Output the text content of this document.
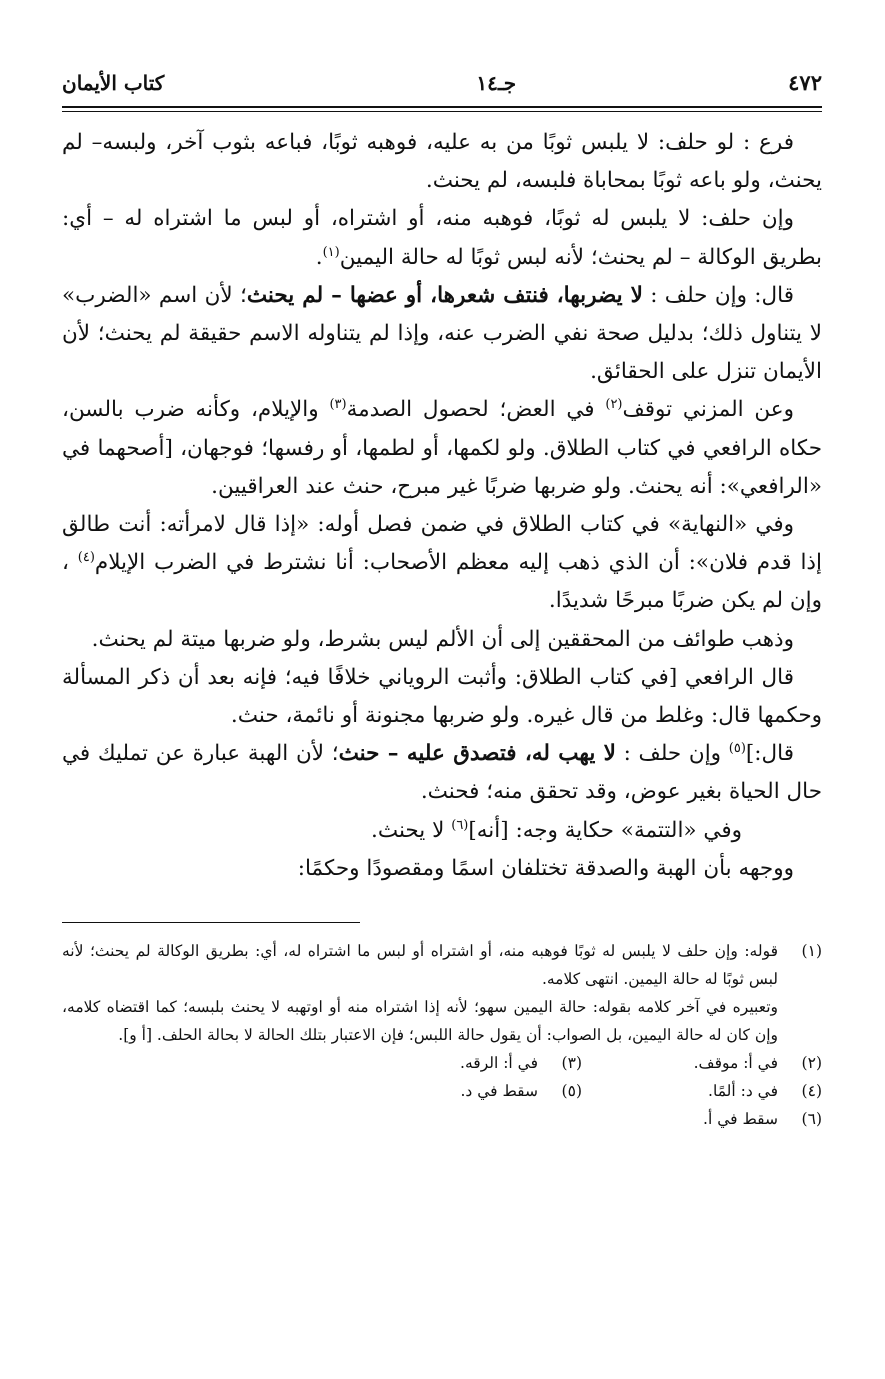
٤٧٢
جـ١٤
كتاب الأيمان

فرع : لو حلف: لا يلبس ثوبًا من به عليه، فوهبه ثوبًا، فباعه بثوب آخر، ولبسه– لم يحنث، ولو باعه ثوبًا بمحاباة فلبسه، لم يحنث.

وإن حلف: لا يلبس له ثوبًا، فوهبه منه، أو اشتراه، أو لبس ما اشتراه له – أي: بطريق الوكالة – لم يحنث؛ لأنه لبس ثوبًا له حالة اليمين$^{(١)}$.

قال: وإن حلف : لا يضربها، فنتف شعرها، أو عضها – لم يحنث؛ لأن اسم «الضرب» لا يتناول ذلك؛ بدليل صحة نفي الضرب عنه، وإذا لم يتناوله الاسم حقيقة لم يحنث؛ لأن الأيمان تنزل على الحقائق.

وعن المزني توقف$^{(٢)}$ في العض؛ لحصول الصدمة$^{(٣)}$ والإيلام، وكأنه ضرب بالسن، حكاه الرافعي في كتاب الطلاق. ولو لكمها، أو لطمها، أو رفسها؛ فوجهان، [أصحهما في «الرافعي»: أنه يحنث. ولو ضربها ضربًا غير مبرح، حنث عند العراقيين.

وفي «النهاية» في كتاب الطلاق في ضمن فصل أوله: «إذا قال لامرأته: أنت طالق إذا قدم فلان»: أن الذي ذهب إليه معظم الأصحاب: أنا نشترط في الضرب الإيلام$^{(٤)}$ ، وإن لم يكن ضربًا مبرحًا شديدًا.

وذهب طوائف من المحققين إلى أن الألم ليس بشرط، ولو ضربها ميتة لم يحنث.

قال الرافعي [في كتاب الطلاق: وأثبت الروياني خلافًا فيه؛ فإنه بعد أن ذكر المسألة وحكمها قال: وغلط من قال غيره. ولو ضربها مجنونة أو نائمة، حنث.

قال:]$^{(٥)}$ وإن حلف : لا يهب له، فتصدق عليه – حنث؛ لأن الهبة عبارة عن تمليك في حال الحياة بغير عوض، وقد تحقق منه؛ فحنث.

وفي «التتمة» حكاية وجه: [أنه]$^{(٦)}$ لا يحنث.

ووجهه بأن الهبة والصدقة تختلفان اسمًا ومقصودًا وحكمًا:

(١)
قوله: وإن حلف لا يلبس له ثوبًا فوهبه منه، أو اشتراه أو لبس ما اشتراه له، أي: بطريق الوكالة لم يحنث؛ لأنه لبس ثوبًا له حالة اليمين. انتهى كلامه.
وتعبيره في آخر كلامه بقوله: حالة اليمين سهو؛ لأنه إذا اشتراه منه أو اوتهبه لا يحنث بلبسه؛ كما اقتضاه كلامه، وإن كان له حالة اليمين، بل الصواب: أن يقول حالة اللبس؛ فإن الاعتبار بتلك الحالة لا بحالة الحلف. [أ و].
(٢)
في أ: موقف.
(٣)
في أ: الرقه.
(٤)
في د: ألمًا.
(٥)
سقط في د.
(٦)
سقط في أ.
